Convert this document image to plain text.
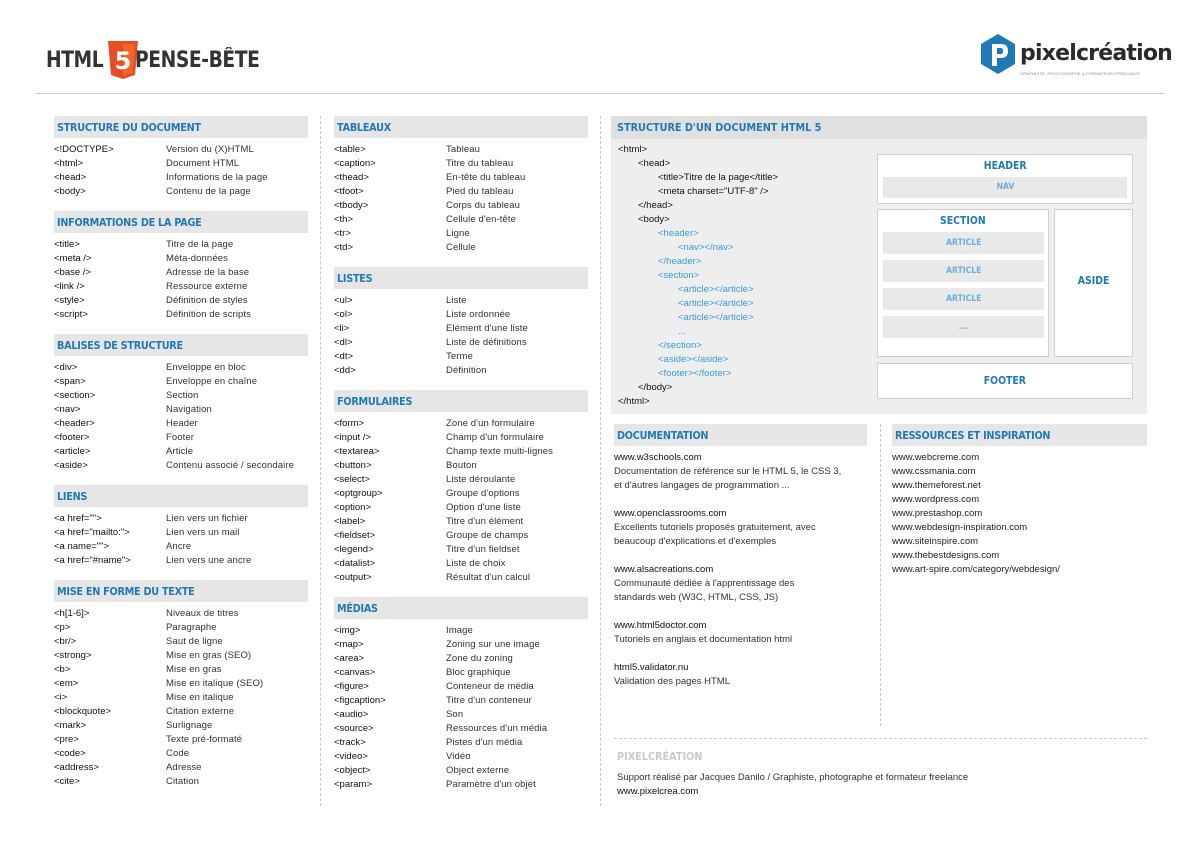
HTML 5 PENSE-BÊTE	pixelcréation
GRAPHISTE, PHOTOGRAPHE & FORMATEUR FREELANCE
STRUCTURE DU DOCUMENT
<!DOCTYPE>	Version du (X)HTML
<html>	Document HTML
<head>	Informations de la page
<body>	Contenu de la page
INFORMATIONS DE LA PAGE
<title>	Titre de la page
<meta />	Méta-données
<base />	Adresse de la base
<link />	Ressource externe
<style>	Définition de styles
<script>	Définition de scripts
BALISES DE STRUCTURE
<div>	Enveloppe en bloc
<span>	Enveloppe en chaîne
<section>	Section
<nav>	Navigation
<header>	Header
<footer>	Footer
<article>	Article
<aside>	Contenu associé / secondaire
LIENS
<a href="">	Lien vers un fichier
<a href="mailto:">	Lien vers un mail
<a name="">	Ancre
<a href="#name">	Lien vers une ancre
MISE EN FORME DU TEXTE
<h[1-6]>	Niveaux de titres
<p>	Paragraphe
<br/>	Saut de ligne
<strong>	Mise en gras (SEO)
<b>	Mise en gras
<em>	Mise en italique (SEO)
<i>	Mise en italique
<blockquote>	Citation externe
<mark>	Surlignage
<pre>	Texte pré-formaté
<code>	Code
<address>	Adresse
<cite>	Citation
TABLEAUX
<table>	Tableau
<caption>	Titre du tableau
<thead>	En-tête du tableau
<tfoot>	Pied du tableau
<tbody>	Corps du tableau
<th>	Cellule d'en-tête
<tr>	Ligne
<td>	Cellule
LISTES
<ul>	Liste
<ol>	Liste ordonnée
<li>	Elément d'une liste
<dl>	Liste de définitions
<dt>	Terme
<dd>	Définition
FORMULAIRES
<form>	Zone d'un formulaire
<input />	Champ d'un formulaire
<textarea>	Champ texte multi-lignes
<button>	Bouton
<select>	Liste déroulante
<optgroup>	Groupe d'options
<option>	Option d'une liste
<label>	Titre d'un élément
<fieldset>	Groupe de champs
<legend>	Titre d'un fieldset
<datalist>	Liste de choix
<output>	Résultat d'un calcul
MÉDIAS
<img>	Image
<map>	Zoning sur une image
<area>	Zone du zoning
<canvas>	Bloc graphique
<figure>	Conteneur de média
<figcaption>	Titre d'un conteneur
<audio>	Son
<source>	Ressources d'un média
<track>	Pistes d'un média
<video>	Vidéo
<object>	Object externe
<param>	Paramètre d'un objet
STRUCTURE D'UN DOCUMENT HTML 5
<html>
<head>
<title>Titre de la page</title>
<meta charset="UTF-8" />
</head>
<body>
<header>
<nav></nav>
</header>
<section>
<article></article>
<article></article>
<article></article>
...
</section>
<aside></aside>
<footer></footer>
</body>
</html>
HEADER
NAV
SECTION
ARTICLE
ARTICLE
ARTICLE
...
ASIDE
FOOTER
DOCUMENTATION
www.w3schools.com
Documentation de référence sur le HTML 5, le CSS 3,
et d'autres langages de programmation ...
www.openclassrooms.com
Excellents tutoriels proposés gratuitement, avec
beaucoup d'explications et d'exemples
www.alsacreations.com
Communauté dédiée à l'apprentissage des
standards web (W3C, HTML, CSS, JS)
www.html5doctor.com
Tutoriels en anglais et documentation html
html5.validator.nu
Validation des pages HTML
RESSOURCES ET INSPIRATION
www.webcreme.com
www.cssmania.com
www.themeforest.net
www.wordpress.com
www.prestashop.com
www.webdesign-inspiration.com
www.siteinspire.com
www.thebestdesigns.com
www.art-spire.com/category/webdesign/
PIXELCRÉATION
Support réalisé par Jacques Danilo / Graphiste, photographe et formateur freelance
www.pixelcrea.com
